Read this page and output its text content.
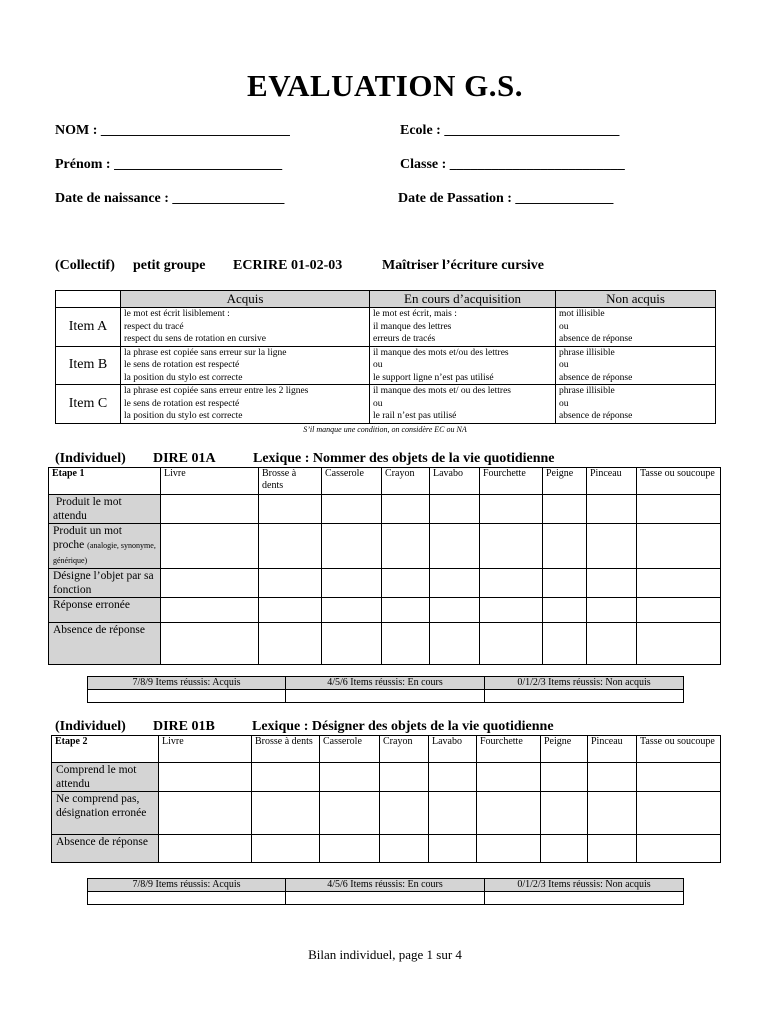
EVALUATION G.S.
NOM : ___________________________	Ecole : _________________________
Prénom : ________________________	Classe : _________________________
Date de naissance : ________________	Date de Passation : ______________
(Collectif) petit groupe ECRIRE 01-02-03	Maîtriser l’écriture cursive
	Acquis	En cours d’acquisition	Non acquis
Item A	le mot est écrit lisiblement :
respect du tracé
respect du sens de rotation en cursive	le mot est écrit, mais :
il manque des lettres
erreurs de tracés	mot illisible
ou
absence de réponse

Item B	la phrase est copiée sans erreur sur la ligne
le sens de rotation est respecté
la position du stylo est correcte	il manque des mots et/ou des lettres
ou
le support ligne n’est pas utilisé	phrase illisible
ou
absence de réponse

Item C	la phrase est copiée sans erreur entre les 2 lignes
le sens de rotation est respecté
la position du stylo est correcte	il manque des mots et/ ou des lettres
ou
le rail n’est pas utilisé	phrase illisible
ou
absence de réponse
S’il manque une condition, on considère EC ou NA
(Individuel) DIRE 01A	Lexique : Nommer des objets de la vie quotidienne
Etape 1	Livre	Brosse à dents	Casserole	Crayon	Lavabo	Fourchette	Peigne	Pinceau	Tasse ou soucoupe
Produit le mot attendu									
Produit un mot proche (analogie, synonyme, générique)									
Désigne l’objet par sa fonction									
Réponse erronée									
Absence de réponse									
7/8/9 Items réussis: Acquis	4/5/6 Items réussis: En cours	0/1/2/3 Items réussis: Non acquis

(Individuel) DIRE 01B	Lexique : Désigner des objets de la vie quotidienne
Etape 2	Livre	Brosse à dents	Casserole	Crayon	Lavabo	Fourchette	Peigne	Pinceau	Tasse ou soucoupe
Comprend le mot attendu									
Ne comprend pas, désignation erronée									
Absence de réponse									
7/8/9 Items réussis: Acquis	4/5/6 Items réussis: En cours	0/1/2/3 Items réussis: Non acquis

Bilan individuel, page 1 sur 4
